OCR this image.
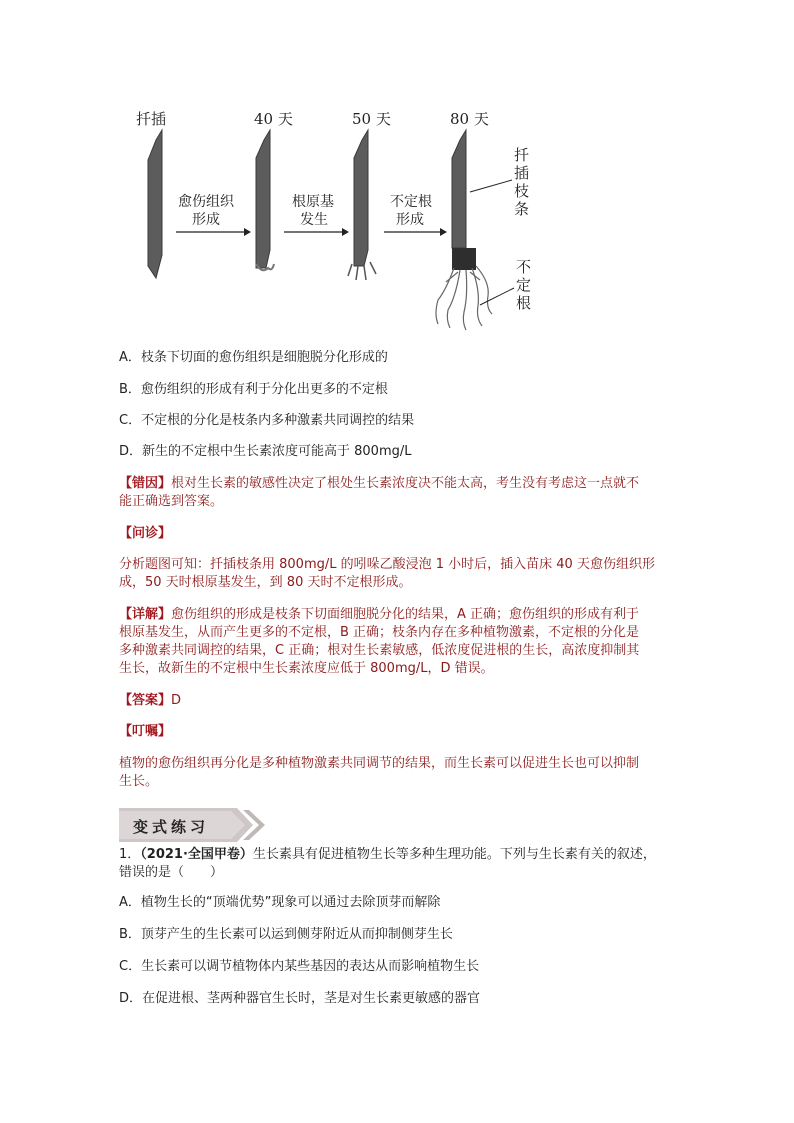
扦插	40 天	50 天	80 天
愈伤组织
形成
根原基
发生
不定根
形成
扦
插
枝
条
不
定
根
A．枝条下切面的愈伤组织是细胞脱分化形成的
B．愈伤组织的形成有利于分化出更多的不定根
C．不定根的分化是枝条内多种激素共同调控的结果
D．新生的不定根中生长素浓度可能高于 800mg/L
【错因】根对生长素的敏感性决定了根处生长素浓度决不能太高，考生没有考虑这一点就不
能正确选到答案。
【问诊】
分析题图可知：扦插枝条用 800mg/L 的吲哚乙酸浸泡 1 小时后，插入苗床 40 天愈伤组织形
成，50 天时根原基发生，到 80 天时不定根形成。
【详解】愈伤组织的形成是枝条下切面细胞脱分化的结果，A 正确；愈伤组织的形成有利于
根原基发生，从而产生更多的不定根，B 正确；枝条内存在多种植物激素，不定根的分化是
多种激素共同调控的结果，C 正确；根对生长素敏感，低浓度促进根的生长，高浓度抑制其
生长，故新生的不定根中生长素浓度应低于 800mg/L，D 错误。
【答案】D
【叮嘱】
植物的愈伤组织再分化是多种植物激素共同调节的结果，而生长素可以促进生长也可以抑制
生长。
变式练习
1．（2021·全国甲卷）生长素具有促进植物生长等多种生理功能。下列与生长素有关的叙述，
错误的是（　　）
A．植物生长的“顶端优势”现象可以通过去除顶芽而解除
B．顶芽产生的生长素可以运到侧芽附近从而抑制侧芽生长
C．生长素可以调节植物体内某些基因的表达从而影响植物生长
D．在促进根、茎两种器官生长时，茎是对生长素更敏感的器官
